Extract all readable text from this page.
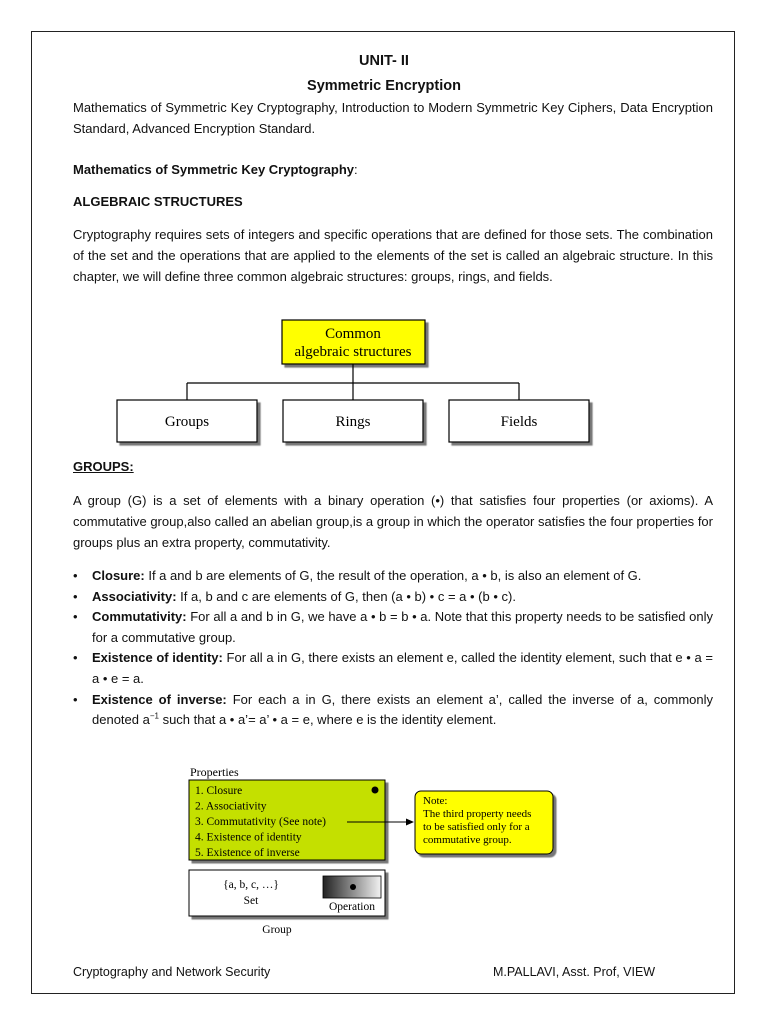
UNIT- II
Symmetric Encryption
Mathematics of Symmetric Key Cryptography, Introduction to Modern Symmetric Key Ciphers, Data Encryption Standard, Advanced Encryption Standard.
Mathematics of Symmetric Key Cryptography:
ALGEBRAIC STRUCTURES
Cryptography requires sets of integers and specific operations that are defined for those sets. The combination of the set and the operations that are applied to the elements of the set is called an algebraic structure. In this chapter, we will define three common algebraic structures: groups, rings, and fields.
Common
algebraic structures
Groups	Rings	Fields
GROUPS:
A group (G) is a set of elements with a binary operation (•) that satisfies four properties (or axioms). A commutative group,also called an abelian group,is a group in which the operator satisfies the four properties for groups plus an extra property, commutativity.
• Closure: If a and b are elements of G, the result of the operation, a • b, is also an element of G.
• Associativity: If a, b and c are elements of G, then (a • b) • c = a • (b • c).
• Commutativity: For all a and b in G, we have a • b = b • a. Note that this property needs to be satisfied only for a commutative group.
• Existence of identity: For all a in G, there exists an element e, called the identity element, such that e • a = a • e = a.
• Existence of inverse: For each a in G, there exists an element a’, called the inverse of a, commonly denoted $a^{-1}$ such that a • a’= a’ • a = e, where e is the identity element.
Properties
1. Closure
2. Associativity
3. Commutativity (See note)
4. Existence of identity
5. Existence of inverse
Note:
The third property needs
to be satisfied only for a
commutative group.
{a, b, c, …}
Set	Operation
Group
Cryptography and Network Security	M.PALLAVI, Asst. Prof, VIEW
